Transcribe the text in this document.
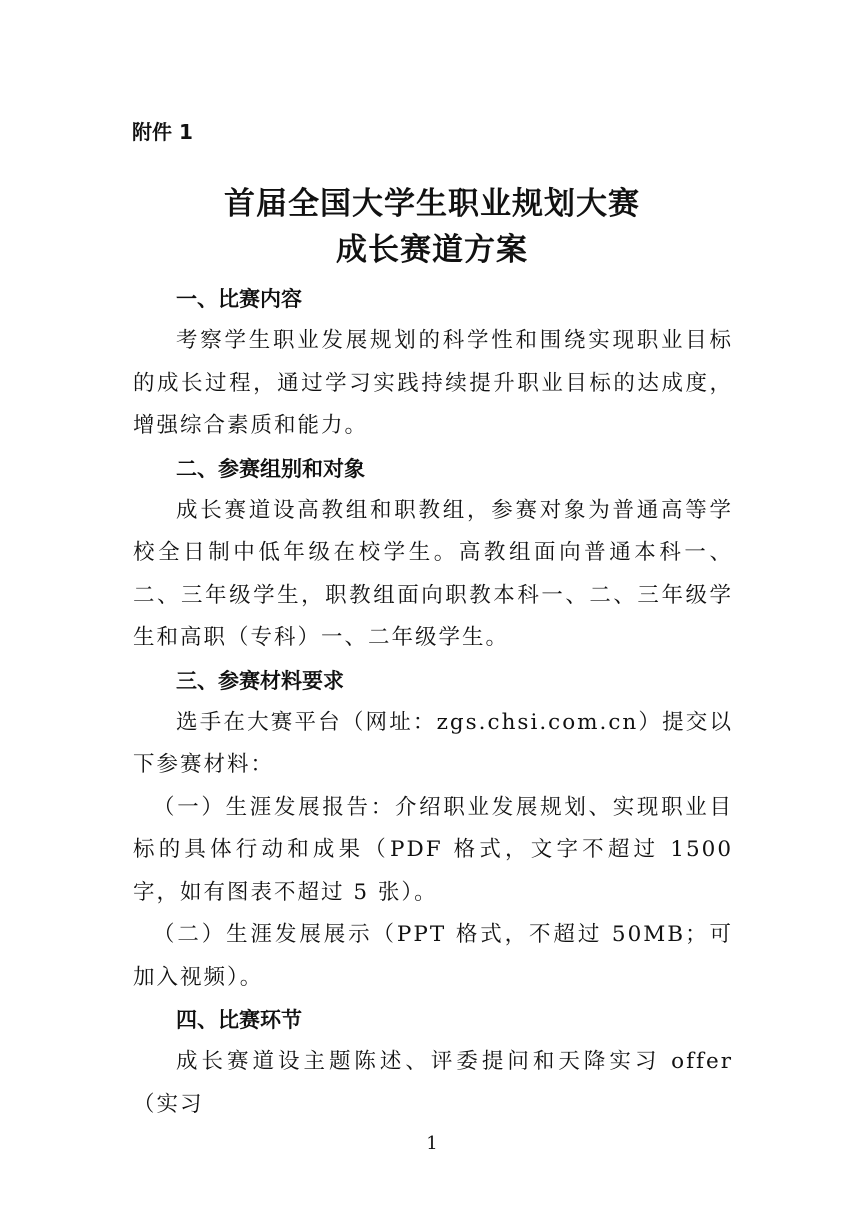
附件 1
首届全国大学生职业规划大赛
成长赛道方案
一、比赛内容
考察学生职业发展规划的科学性和围绕实现职业目标的成长过程，通过学习实践持续提升职业目标的达成度，增强综合素质和能力。
二、参赛组别和对象
成长赛道设高教组和职教组，参赛对象为普通高等学校全日制中低年级在校学生。高教组面向普通本科一、二、三年级学生，职教组面向职教本科一、二、三年级学生和高职（专科）一、二年级学生。
三、参赛材料要求
选手在大赛平台（网址：zgs.chsi.com.cn）提交以下参赛材料：
（一）生涯发展报告：介绍职业发展规划、实现职业目标的具体行动和成果（PDF 格式，文字不超过 1500 字，如有图表不超过 5 张）。
（二）生涯发展展示（PPT 格式，不超过 50MB；可加入视频）。
四、比赛环节
成长赛道设主题陈述、评委提问和天降实习 offer（实习
1
